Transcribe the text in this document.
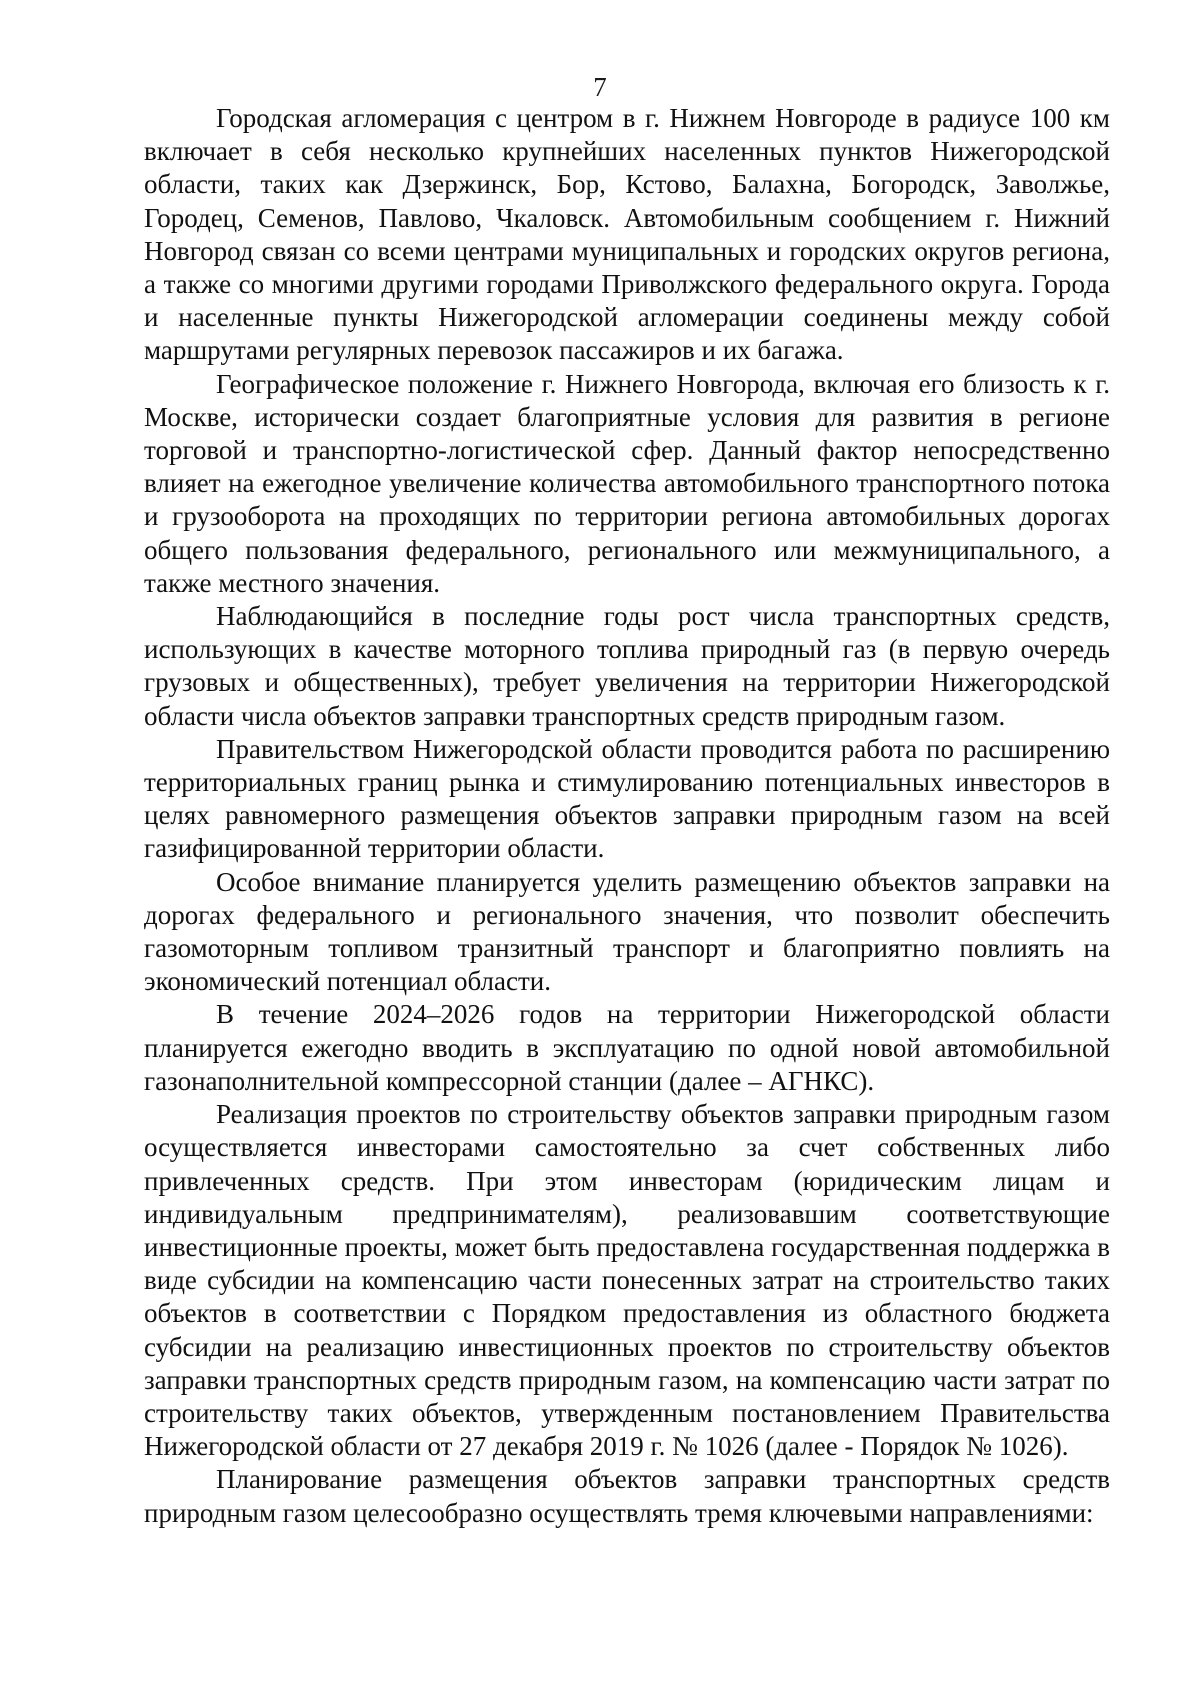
7

Городская агломерация с центром в г. Нижнем Новгороде в радиусе 100 км включает в себя несколько крупнейших населенных пунктов Нижегородской области, таких как Дзержинск, Бор, Кстово, Балахна, Богородск, Заволжье, Городец, Семенов, Павлово, Чкаловск. Автомобильным сообщением г. Нижний Новгород связан со всеми центрами муниципальных и городских округов региона, а также со многими другими городами Приволжского федерального округа. Города и населенные пункты Нижегородской агломерации соединены между собой маршрутами регулярных перевозок пассажиров и их багажа.

Географическое положение г. Нижнего Новгорода, включая его близость к г. Москве, исторически создает благоприятные условия для развития в регионе торговой и транспортно-логистической сфер. Данный фактор непосредственно влияет на ежегодное увеличение количества автомобильного транспортного потока и грузооборота на проходящих по территории региона автомобильных дорогах общего пользования федерального, регионального или межмуниципального, а также местного значения.

Наблюдающийся в последние годы рост числа транспортных средств, использующих в качестве моторного топлива природный газ (в первую очередь грузовых и общественных), требует увеличения на территории Нижегородской области числа объектов заправки транспортных средств природным газом.

Правительством Нижегородской области проводится работа по расширению территориальных границ рынка и стимулированию потенциальных инвесторов в целях равномерного размещения объектов заправки природным газом на всей газифицированной территории области.

Особое внимание планируется уделить размещению объектов заправки на дорогах федерального и регионального значения, что позволит обеспечить газомоторным топливом транзитный транспорт и благоприятно повлиять на экономический потенциал области.

В течение 2024–2026 годов на территории Нижегородской области планируется ежегодно вводить в эксплуатацию по одной новой автомобильной газонаполнительной компрессорной станции (далее – АГНКС).

Реализация проектов по строительству объектов заправки природным газом осуществляется инвесторами самостоятельно за счет собственных либо привлеченных средств. При этом инвесторам (юридическим лицам и индивидуальным предпринимателям), реализовавшим соответствующие инвестиционные проекты, может быть предоставлена государственная поддержка в виде субсидии на компенсацию части понесенных затрат на строительство таких объектов в соответствии с Порядком предоставления из областного бюджета субсидии на реализацию инвестиционных проектов по строительству объектов заправки транспортных средств природным газом, на компенсацию части затрат по строительству таких объектов, утвержденным постановлением Правительства Нижегородской области от 27 декабря 2019 г. № 1026 (далее - Порядок № 1026).

Планирование размещения объектов заправки транспортных средств природным газом целесообразно осуществлять тремя ключевыми направлениями:
